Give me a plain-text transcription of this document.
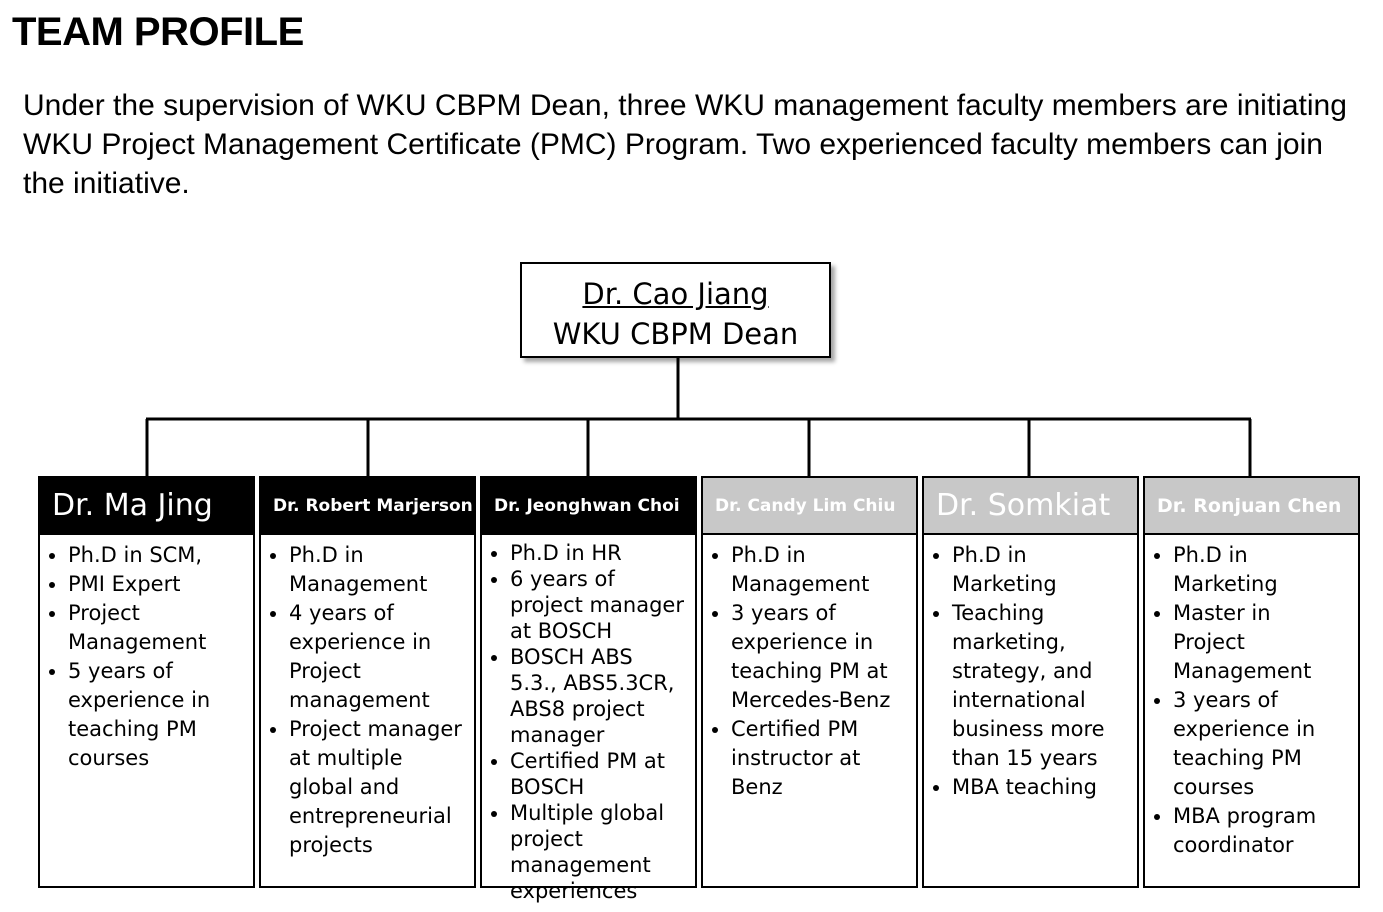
TEAM PROFILE
Under the supervision of WKU CBPM Dean, three WKU management faculty members are initiating WKU Project Management Certificate (PMC) Program. Two experienced faculty members can join the initiative.
Dr. Cao Jiang
WKU CBPM Dean
Dr. Ma Jing
• Ph.D in SCM,
• PMI Expert
• Project Management
• 5 years of experience in teaching PM courses
Dr. Robert Marjerson
• Ph.D in Management
• 4 years of experience in Project management
• Project manager at multiple global and entrepreneurial projects
Dr. Jeonghwan Choi
• Ph.D in HR
• 6 years of project manager at BOSCH
• BOSCH ABS 5.3., ABS5.3CR, ABS8 project manager
• Certified PM at BOSCH
• Multiple global project management experiences
Dr. Candy Lim Chiu
• Ph.D in Management
• 3 years of experience in teaching PM at Mercedes-Benz
• Certified PM instructor at Benz
Dr. Somkiat
• Ph.D in Marketing
• Teaching marketing, strategy, and international business more than 15 years
• MBA teaching
Dr. Ronjuan Chen
• Ph.D in Marketing
• Master in Project Management
• 3 years of experience in teaching PM courses
• MBA program coordinator
